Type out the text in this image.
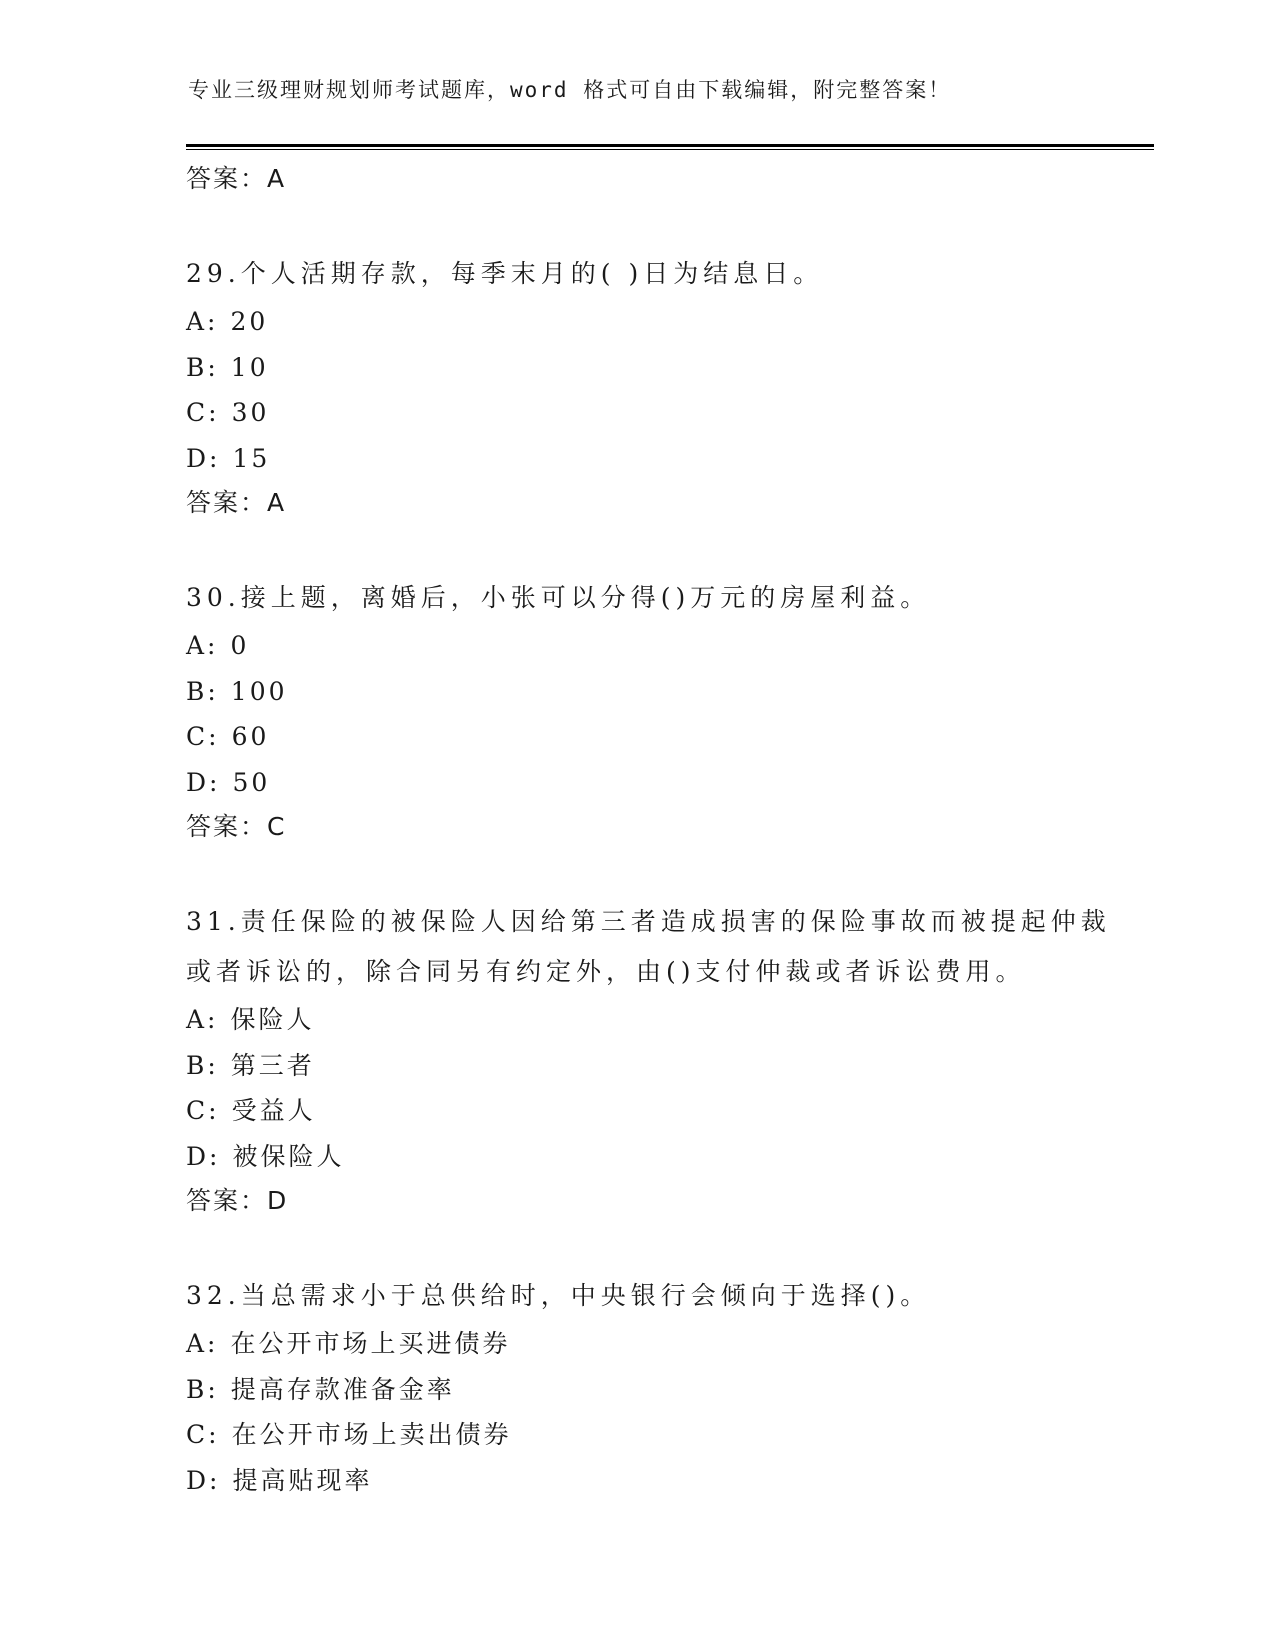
专业三级理财规划师考试题库，word 格式可自由下载编辑，附完整答案！
答案：A
29.个人活期存款，每季末月的( )日为结息日。
A: 20
B: 10
C: 30
D: 15
答案：A
30.接上题，离婚后，小张可以分得()万元的房屋利益。
A: 0
B: 100
C: 60
D: 50
答案：C
31.责任保险的被保险人因给第三者造成损害的保险事故而被提起仲裁或者诉讼的，除合同另有约定外，由()支付仲裁或者诉讼费用。
A: 保险人
B: 第三者
C: 受益人
D: 被保险人
答案：D
32.当总需求小于总供给时，中央银行会倾向于选择()。
A: 在公开市场上买进债券
B: 提高存款准备金率
C: 在公开市场上卖出债券
D: 提高贴现率
